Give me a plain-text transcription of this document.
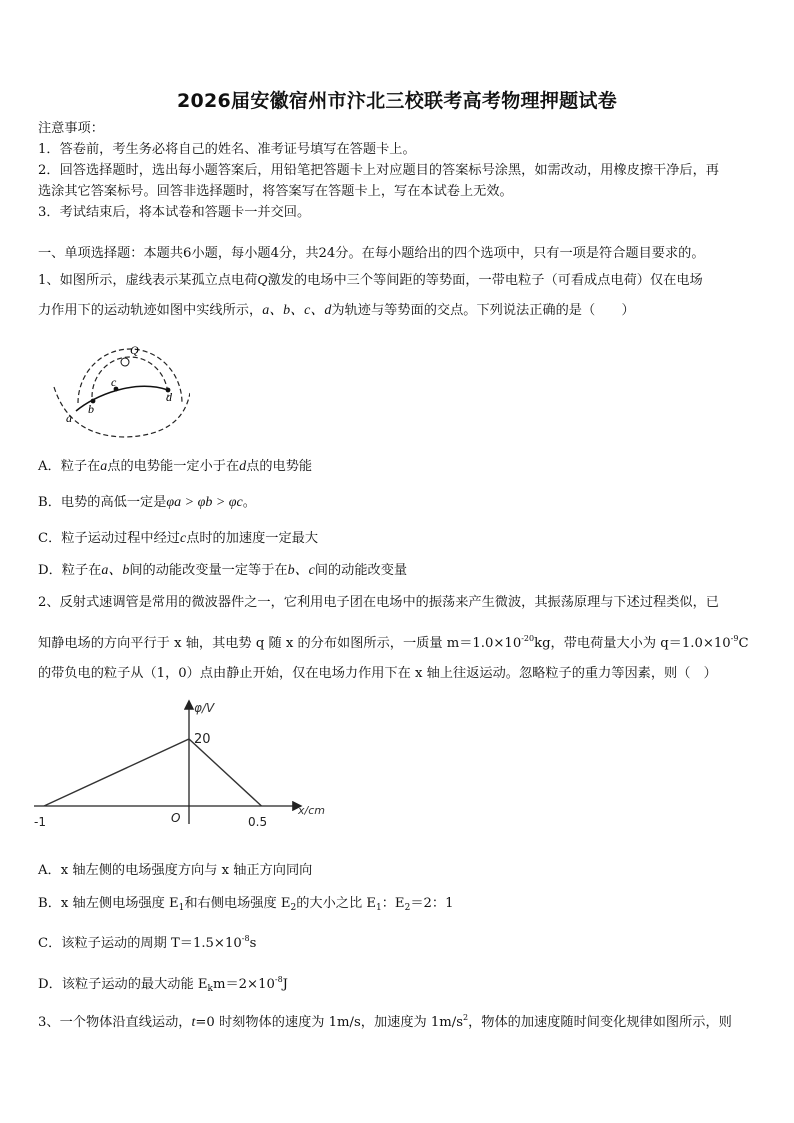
2026届安徽宿州市汴北三校联考高考物理押题试卷
注意事项：
1．答卷前，考生务必将自己的姓名、准考证号填写在答题卡上。
2．回答选择题时，选出每小题答案后，用铅笔把答题卡上对应题目的答案标号涂黑，如需改动，用橡皮擦干净后，再
选涂其它答案标号。回答非选择题时，将答案写在答题卡上，写在本试卷上无效。
3．考试结束后，将本试卷和答题卡一并交回。
一、单项选择题：本题共6小题，每小题4分，共24分。在每小题给出的四个选项中，只有一项是符合题目要求的。
1、如图所示，虚线表示某孤立点电荷Q激发的电场中三个等间距的等势面，一带电粒子（可看成点电荷）仅在电场
力作用下的运动轨迹如图中实线所示，a、b、c、d为轨迹与等势面的交点。下列说法正确的是（　　）
Q
a
b
c
d
A．粒子在a点的电势能一定小于在d点的电势能
B．电势的高低一定是φa > φb > φc。
C．粒子运动过程中经过c点时的加速度一定最大
D．粒子在a、b间的动能改变量一定等于在b、c间的动能改变量
2、反射式速调管是常用的微波器件之一，它利用电子团在电场中的振荡来产生微波，其振荡原理与下述过程类似，已
知静电场的方向平行于 x 轴，其电势 q 随 x 的分布如图所示，一质量 $m=1.0\times 10^{-20}kg$，带电荷量大小为 $q=1.0\times 10^{-9}C$
的带负电的粒子从（1，0）点由静止开始，仅在电场力作用下在 x 轴上往返运动。忽略粒子的重力等因素，则（　）
φ/V
x/cm
20
O
-1	0.5
A．x 轴左侧的电场强度方向与 x 轴正方向同向
B．x 轴左侧电场强度 $E_1$和右侧电场强度 $E_2$的大小之比 $E_1$：$E_2=2$：1
C．该粒子运动的周期 $T=1.5\times 10^{-8}s$
D．该粒子运动的最大动能 $E_km=2\times 10^{-8}J$
3、一个物体沿直线运动，t=0 时刻物体的速度为 1m/s，加速度为 $1m/s^2$，物体的加速度随时间变化规律如图所示，则
